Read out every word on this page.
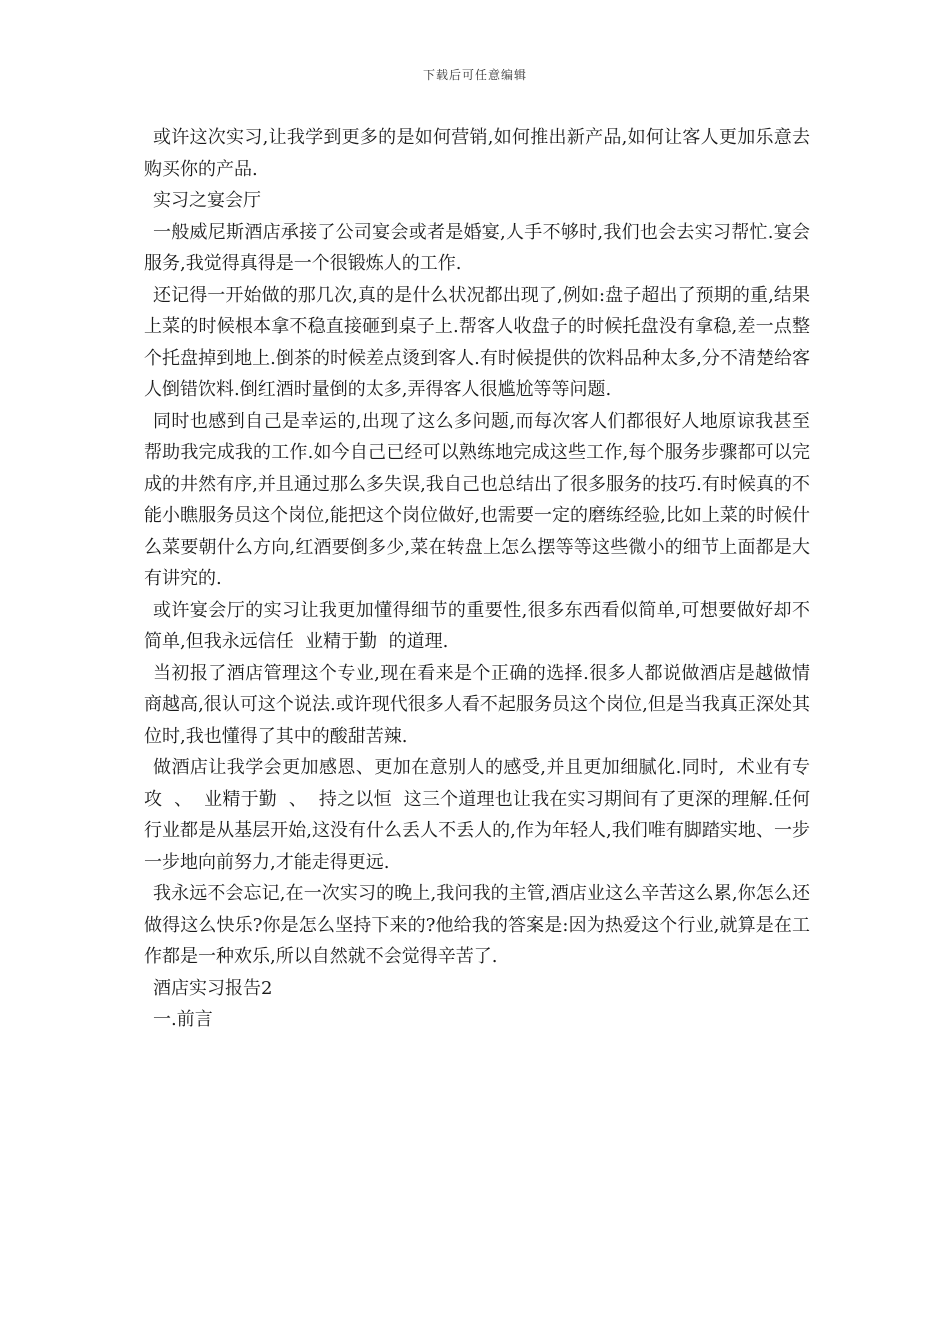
下载后可任意编辑

或许这次实习,让我学到更多的是如何营销,如何推出新产品,如何让客人更加乐意去购买你的产品.

实习之宴会厅

一般威尼斯酒店承接了公司宴会或者是婚宴,人手不够时,我们也会去实习帮忙.宴会服务,我觉得真得是一个很锻炼人的工作.

还记得一开始做的那几次,真的是什么状况都出现了,例如:盘子超出了预期的重,结果上菜的时候根本拿不稳直接砸到桌子上.帮客人收盘子的时候托盘没有拿稳,差一点整个托盘掉到地上.倒茶的时候差点烫到客人.有时候提供的饮料品种太多,分不清楚给客人倒错饮料.倒红酒时量倒的太多,弄得客人很尴尬等等问题.

同时也感到自己是幸运的,出现了这么多问题,而每次客人们都很好人地原谅我甚至帮助我完成我的工作.如今自己已经可以熟练地完成这些工作,每个服务步骤都可以完成的井然有序,并且通过那么多失误,我自己也总结出了很多服务的技巧.有时候真的不能小瞧服务员这个岗位,能把这个岗位做好,也需要一定的磨练经验,比如上菜的时候什么菜要朝什么方向,红酒要倒多少,菜在转盘上怎么摆等等这些微小的细节上面都是大有讲究的.

或许宴会厅的实习让我更加懂得细节的重要性,很多东西看似简单,可想要做好却不简单,但我永远信任  业精于勤  的道理.

当初报了酒店管理这个专业,现在看来是个正确的选择.很多人都说做酒店是越做情商越高,很认可这个说法.或许现代很多人看不起服务员这个岗位,但是当我真正深处其位时,我也懂得了其中的酸甜苦辣.

做酒店让我学会更加感恩、更加在意别人的感受,并且更加细腻化.同时,  术业有专攻  、  业精于勤  、  持之以恒  这三个道理也让我在实习期间有了更深的理解.任何行业都是从基层开始,这没有什么丢人不丢人的,作为年轻人,我们唯有脚踏实地、一步一步地向前努力,才能走得更远.

我永远不会忘记,在一次实习的晚上,我问我的主管,酒店业这么辛苦这么累,你怎么还做得这么快乐?你是怎么坚持下来的?他给我的答案是:因为热爱这个行业,就算是在工作都是一种欢乐,所以自然就不会觉得辛苦了.

酒店实习报告2

一.前言
